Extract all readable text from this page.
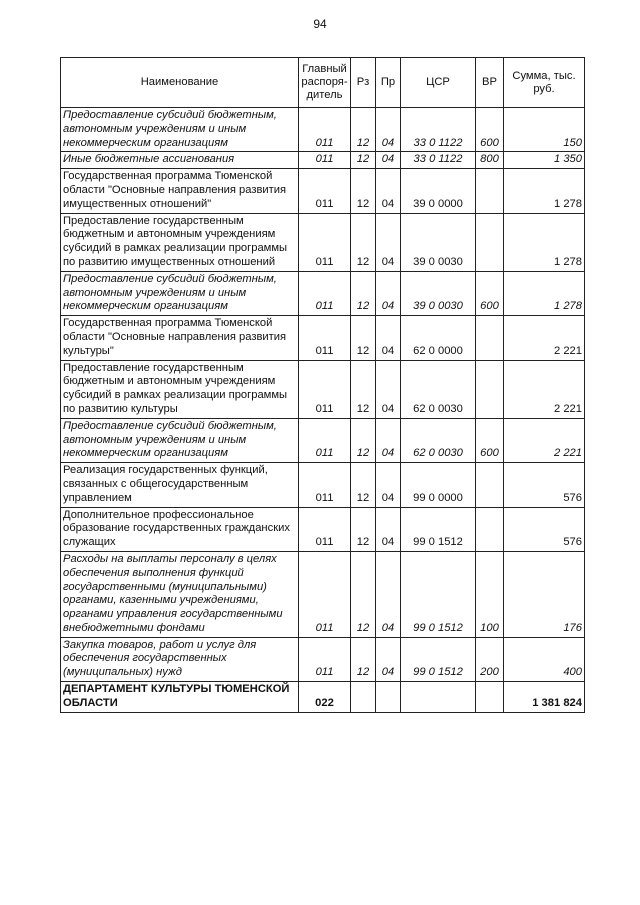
94
Наименование	Главный распоря-дитель	Рз	Пр	ЦСР	ВР	Сумма, тыс. руб.
Предоставление субсидий бюджетным, автономным учреждениям и иным некоммерческим организациям	011	12	04	33 0 1122	600	150
Иные бюджетные ассигнования	011	12	04	33 0 1122	800	1 350
Государственная программа Тюменской области "Основные направления развития имущественных отношений"	011	12	04	39 0 0000		1 278
Предоставление государственным бюджетным и автономным учреждениям субсидий в рамках реализации программы по развитию имущественных отношений	011	12	04	39 0 0030		1 278
Предоставление субсидий бюджетным, автономным учреждениям и иным некоммерческим организациям	011	12	04	39 0 0030	600	1 278
Государственная программа Тюменской области "Основные направления развития культуры"	011	12	04	62 0 0000		2 221
Предоставление государственным бюджетным и автономным учреждениям субсидий в рамках реализации программы по развитию культуры	011	12	04	62 0 0030		2 221
Предоставление субсидий бюджетным, автономным учреждениям и иным некоммерческим организациям	011	12	04	62 0 0030	600	2 221
Реализация государственных функций, связанных с общегосударственным управлением	011	12	04	99 0 0000		576
Дополнительное профессиональное образование государственных гражданских служащих	011	12	04	99 0 1512		576
Расходы на выплаты персоналу в целях обеспечения выполнения функций государственными (муниципальными) органами, казенными учреждениями, органами управления государственными внебюджетными фондами	011	12	04	99 0 1512	100	176
Закупка товаров, работ и услуг для обеспечения государственных (муниципальных) нужд	011	12	04	99 0 1512	200	400
ДЕПАРТАМЕНТ КУЛЬТУРЫ ТЮМЕНСКОЙ ОБЛАСТИ	022					1 381 824
